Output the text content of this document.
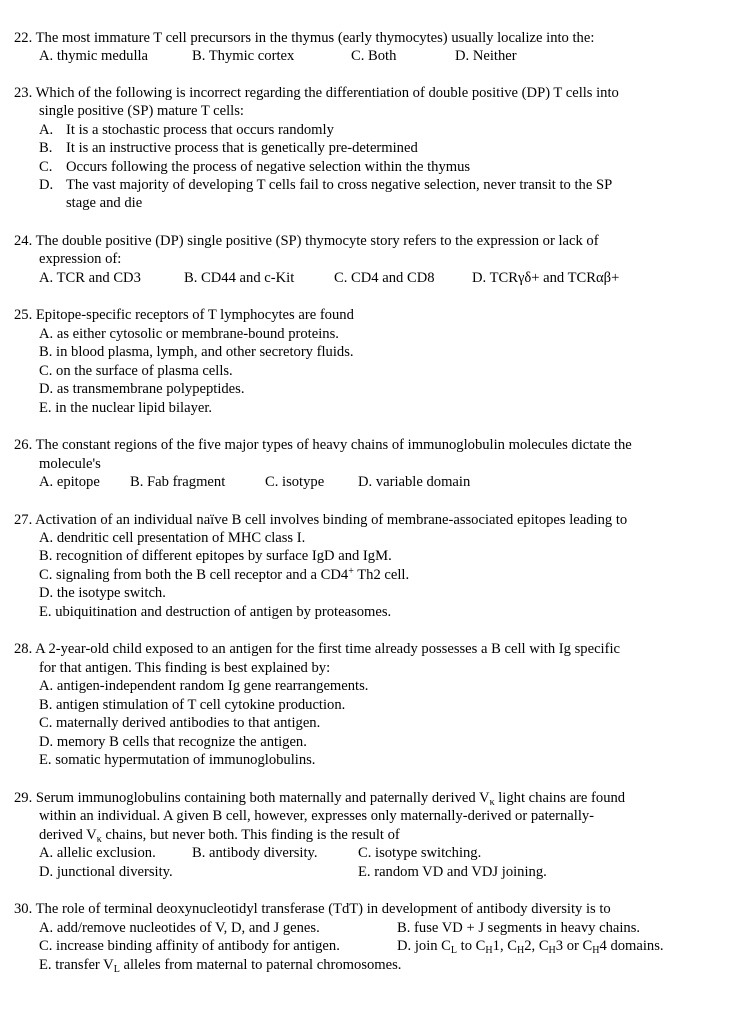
22. The most immature T cell precursors in the thymus (early thymocytes) usually localize into the:
A. thymic medulla	B. Thymic cortex	C. Both	D. Neither
23. Which of the following is incorrect regarding the differentiation of double positive (DP) T cells into
single positive (SP) mature T cells:
A. It is a stochastic process that occurs randomly
B. It is an instructive process that is genetically pre-determined
C. Occurs following the process of negative selection within the thymus
D. The vast majority of developing T cells fail to cross negative selection, never transit to the SP
stage and die
24. The double positive (DP) single positive (SP) thymocyte story refers to the expression or lack of
expression of:
A. TCR and CD3	B. CD44 and c-Kit	C. CD4 and CD8	D. TCRγδ+ and TCRαβ+
25. Epitope-specific receptors of T lymphocytes are found
A. as either cytosolic or membrane-bound proteins.
B. in blood plasma, lymph, and other secretory fluids.
C. on the surface of plasma cells.
D. as transmembrane polypeptides.
E. in the nuclear lipid bilayer.
26. The constant regions of the five major types of heavy chains of immunoglobulin molecules dictate the
molecule's
A. epitope B. Fab fragment	C. isotype D. variable domain
27. Activation of an individual naïve B cell involves binding of membrane-associated epitopes leading to
A. dendritic cell presentation of MHC class I.
B. recognition of different epitopes by surface IgD and IgM.
C. signaling from both the B cell receptor and a CD4+ Th2 cell.
D. the isotype switch.
E. ubiquitination and destruction of antigen by proteasomes.
28. A 2-year-old child exposed to an antigen for the first time already possesses a B cell with Ig specific
for that antigen. This finding is best explained by:
A. antigen-independent random Ig gene rearrangements.
B. antigen stimulation of T cell cytokine production.
C. maternally derived antibodies to that antigen.
D. memory B cells that recognize the antigen.
E. somatic hypermutation of immunoglobulins.
29. Serum immunoglobulins containing both maternally and paternally derived $V_\kappa$ light chains are found
within an individual. A given B cell, however, expresses only maternally-derived or paternally-
derived $V_\kappa$ chains, but never both. This finding is the result of
A. allelic exclusion. B. antibody diversity.	C. isotype switching.
D. junctional diversity.	E. random VD and VDJ joining.
30. The role of terminal deoxynucleotidyl transferase (TdT) in development of antibody diversity is to
A. add/remove nucleotides of V, D, and J genes.	B. fuse VD + J segments in heavy chains.
C. increase binding affinity of antibody for antigen.	D. join $C_L$ to $C_H1$, $C_H2$, $C_H3$ or $C_H4$ domains.
E. transfer $V_L$ alleles from maternal to paternal chromosomes.
